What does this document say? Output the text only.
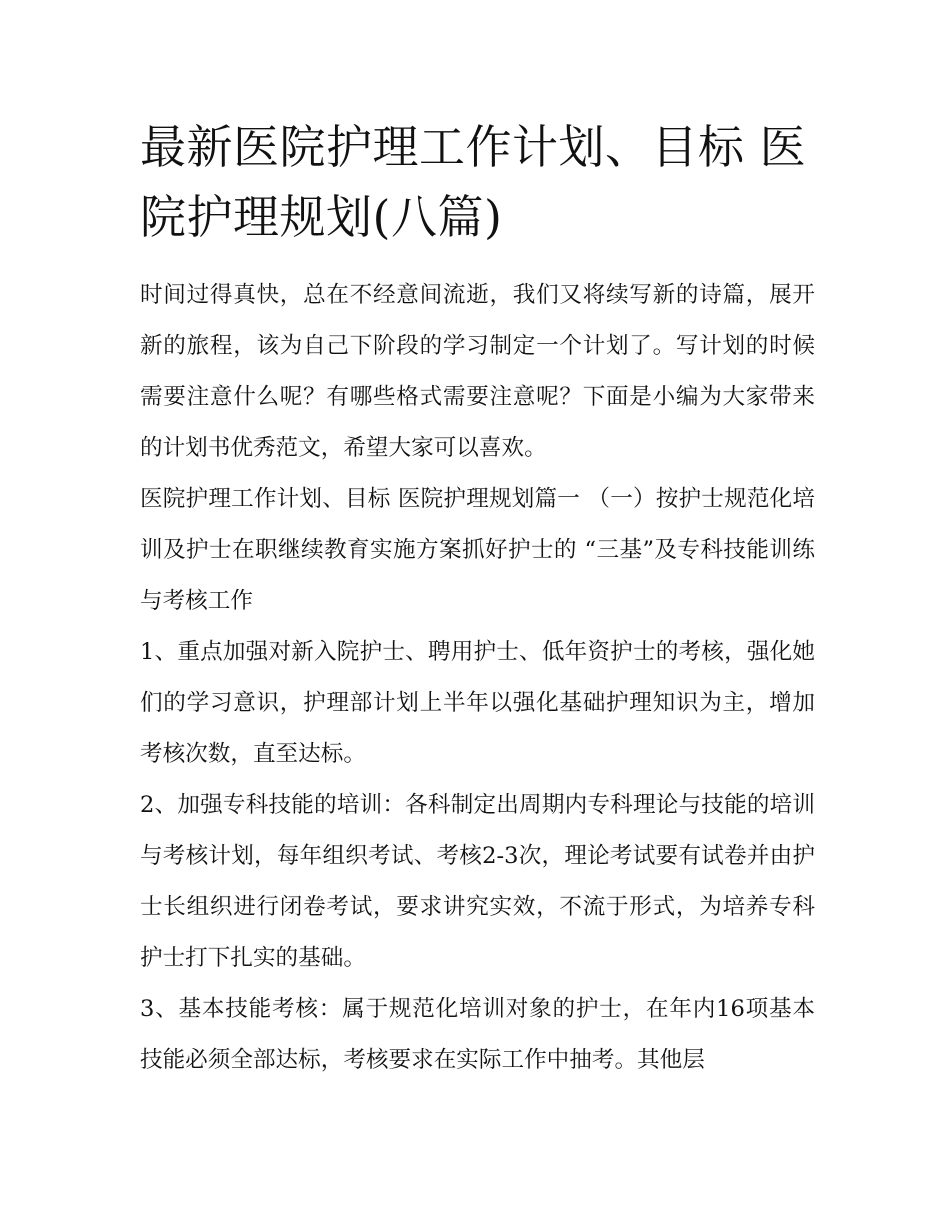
最新医院护理工作计划、目标 医院护理规划(八篇)

时间过得真快，总在不经意间流逝，我们又将续写新的诗篇，展开新的旅程，该为自己下阶段的学习制定一个计划了。写计划的时候需要注意什么呢？有哪些格式需要注意呢？下面是小编为大家带来的计划书优秀范文，希望大家可以喜欢。

医院护理工作计划、目标 医院护理规划篇一 （一）按护士规范化培训及护士在职继续教育实施方案抓好护士的 “三基”及专科技能训练与考核工作

1、重点加强对新入院护士、聘用护士、低年资护士的考核，强化她们的学习意识，护理部计划上半年以强化基础护理知识为主，增加考核次数，直至达标。

2、加强专科技能的培训：各科制定出周期内专科理论与技能的培训与考核计划，每年组织考试、考核2-3次，理论考试要有试卷并由护士长组织进行闭卷考试，要求讲究实效，不流于形式，为培养专科护士打下扎实的基础。

3、基本技能考核：属于规范化培训对象的护士，在年内16项基本技能必须全部达标，考核要求在实际工作中抽考。其他层
